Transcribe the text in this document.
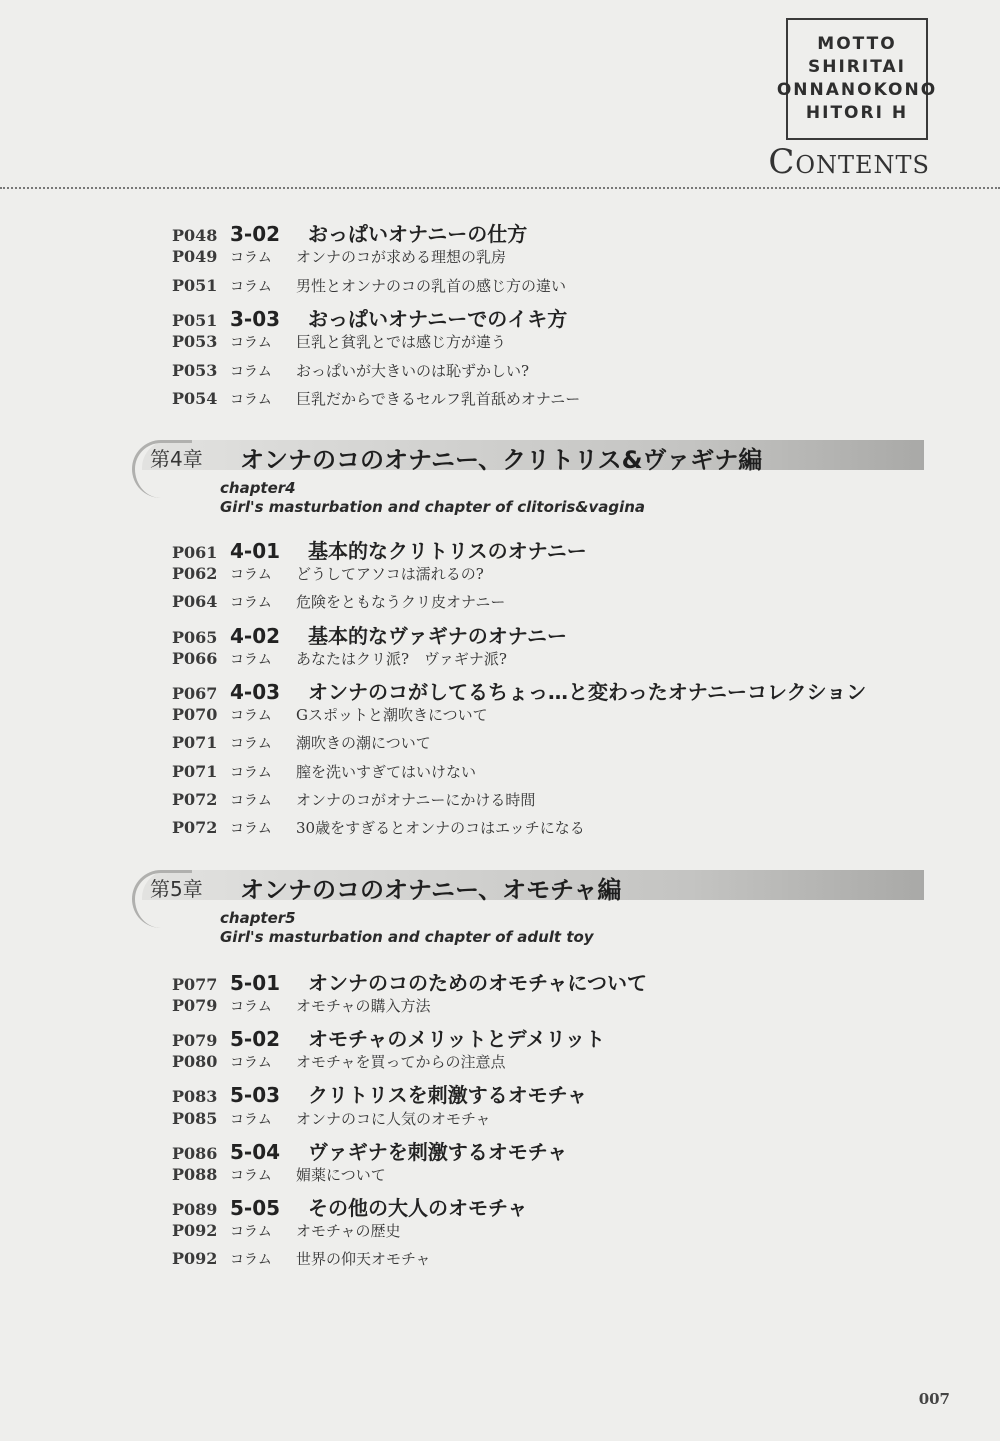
MOTTO
SHIRITAI
ONNANOKONO
HITORI H
Contents
P048 3-02	おっぱいオナニーの仕方
P049 コラム	オンナのコが求める理想の乳房
P051 コラム	男性とオンナのコの乳首の感じ方の違い
P051 3-03	おっぱいオナニーでのイキ方
P053 コラム	巨乳と貧乳とでは感じ方が違う
P053 コラム	おっぱいが大きいのは恥ずかしい?
P054 コラム	巨乳だからできるセルフ乳首舐めオナニー
第4章 オンナのコのオナニー、クリトリス&ヴァギナ編
chapter4
Girl's masturbation and chapter of clitoris&vagina
P061 4-01	基本的なクリトリスのオナニー
P062 コラム	どうしてアソコは濡れるの?
P064 コラム	危険をともなうクリ皮オナニー
P065 4-02	基本的なヴァギナのオナニー
P066 コラム	あなたはクリ派?　ヴァギナ派?
P067 4-03	オンナのコがしてるちょっ…と変わったオナニーコレクション
P070 コラム	Gスポットと潮吹きについて
P071 コラム	潮吹きの潮について
P071 コラム	膣を洗いすぎてはいけない
P072 コラム	オンナのコがオナニーにかける時間
P072 コラム	30歳をすぎるとオンナのコはエッチになる
第5章 オンナのコのオナニー、オモチャ編
chapter5
Girl's masturbation and chapter of adult toy
P077 5-01	オンナのコのためのオモチャについて
P079 コラム	オモチャの購入方法
P079 5-02	オモチャのメリットとデメリット
P080 コラム	オモチャを買ってからの注意点
P083 5-03	クリトリスを刺激するオモチャ
P085 コラム	オンナのコに人気のオモチャ
P086 5-04	ヴァギナを刺激するオモチャ
P088 コラム	媚薬について
P089 5-05	その他の大人のオモチャ
P092 コラム	オモチャの歴史
P092 コラム	世界の仰天オモチャ
007
